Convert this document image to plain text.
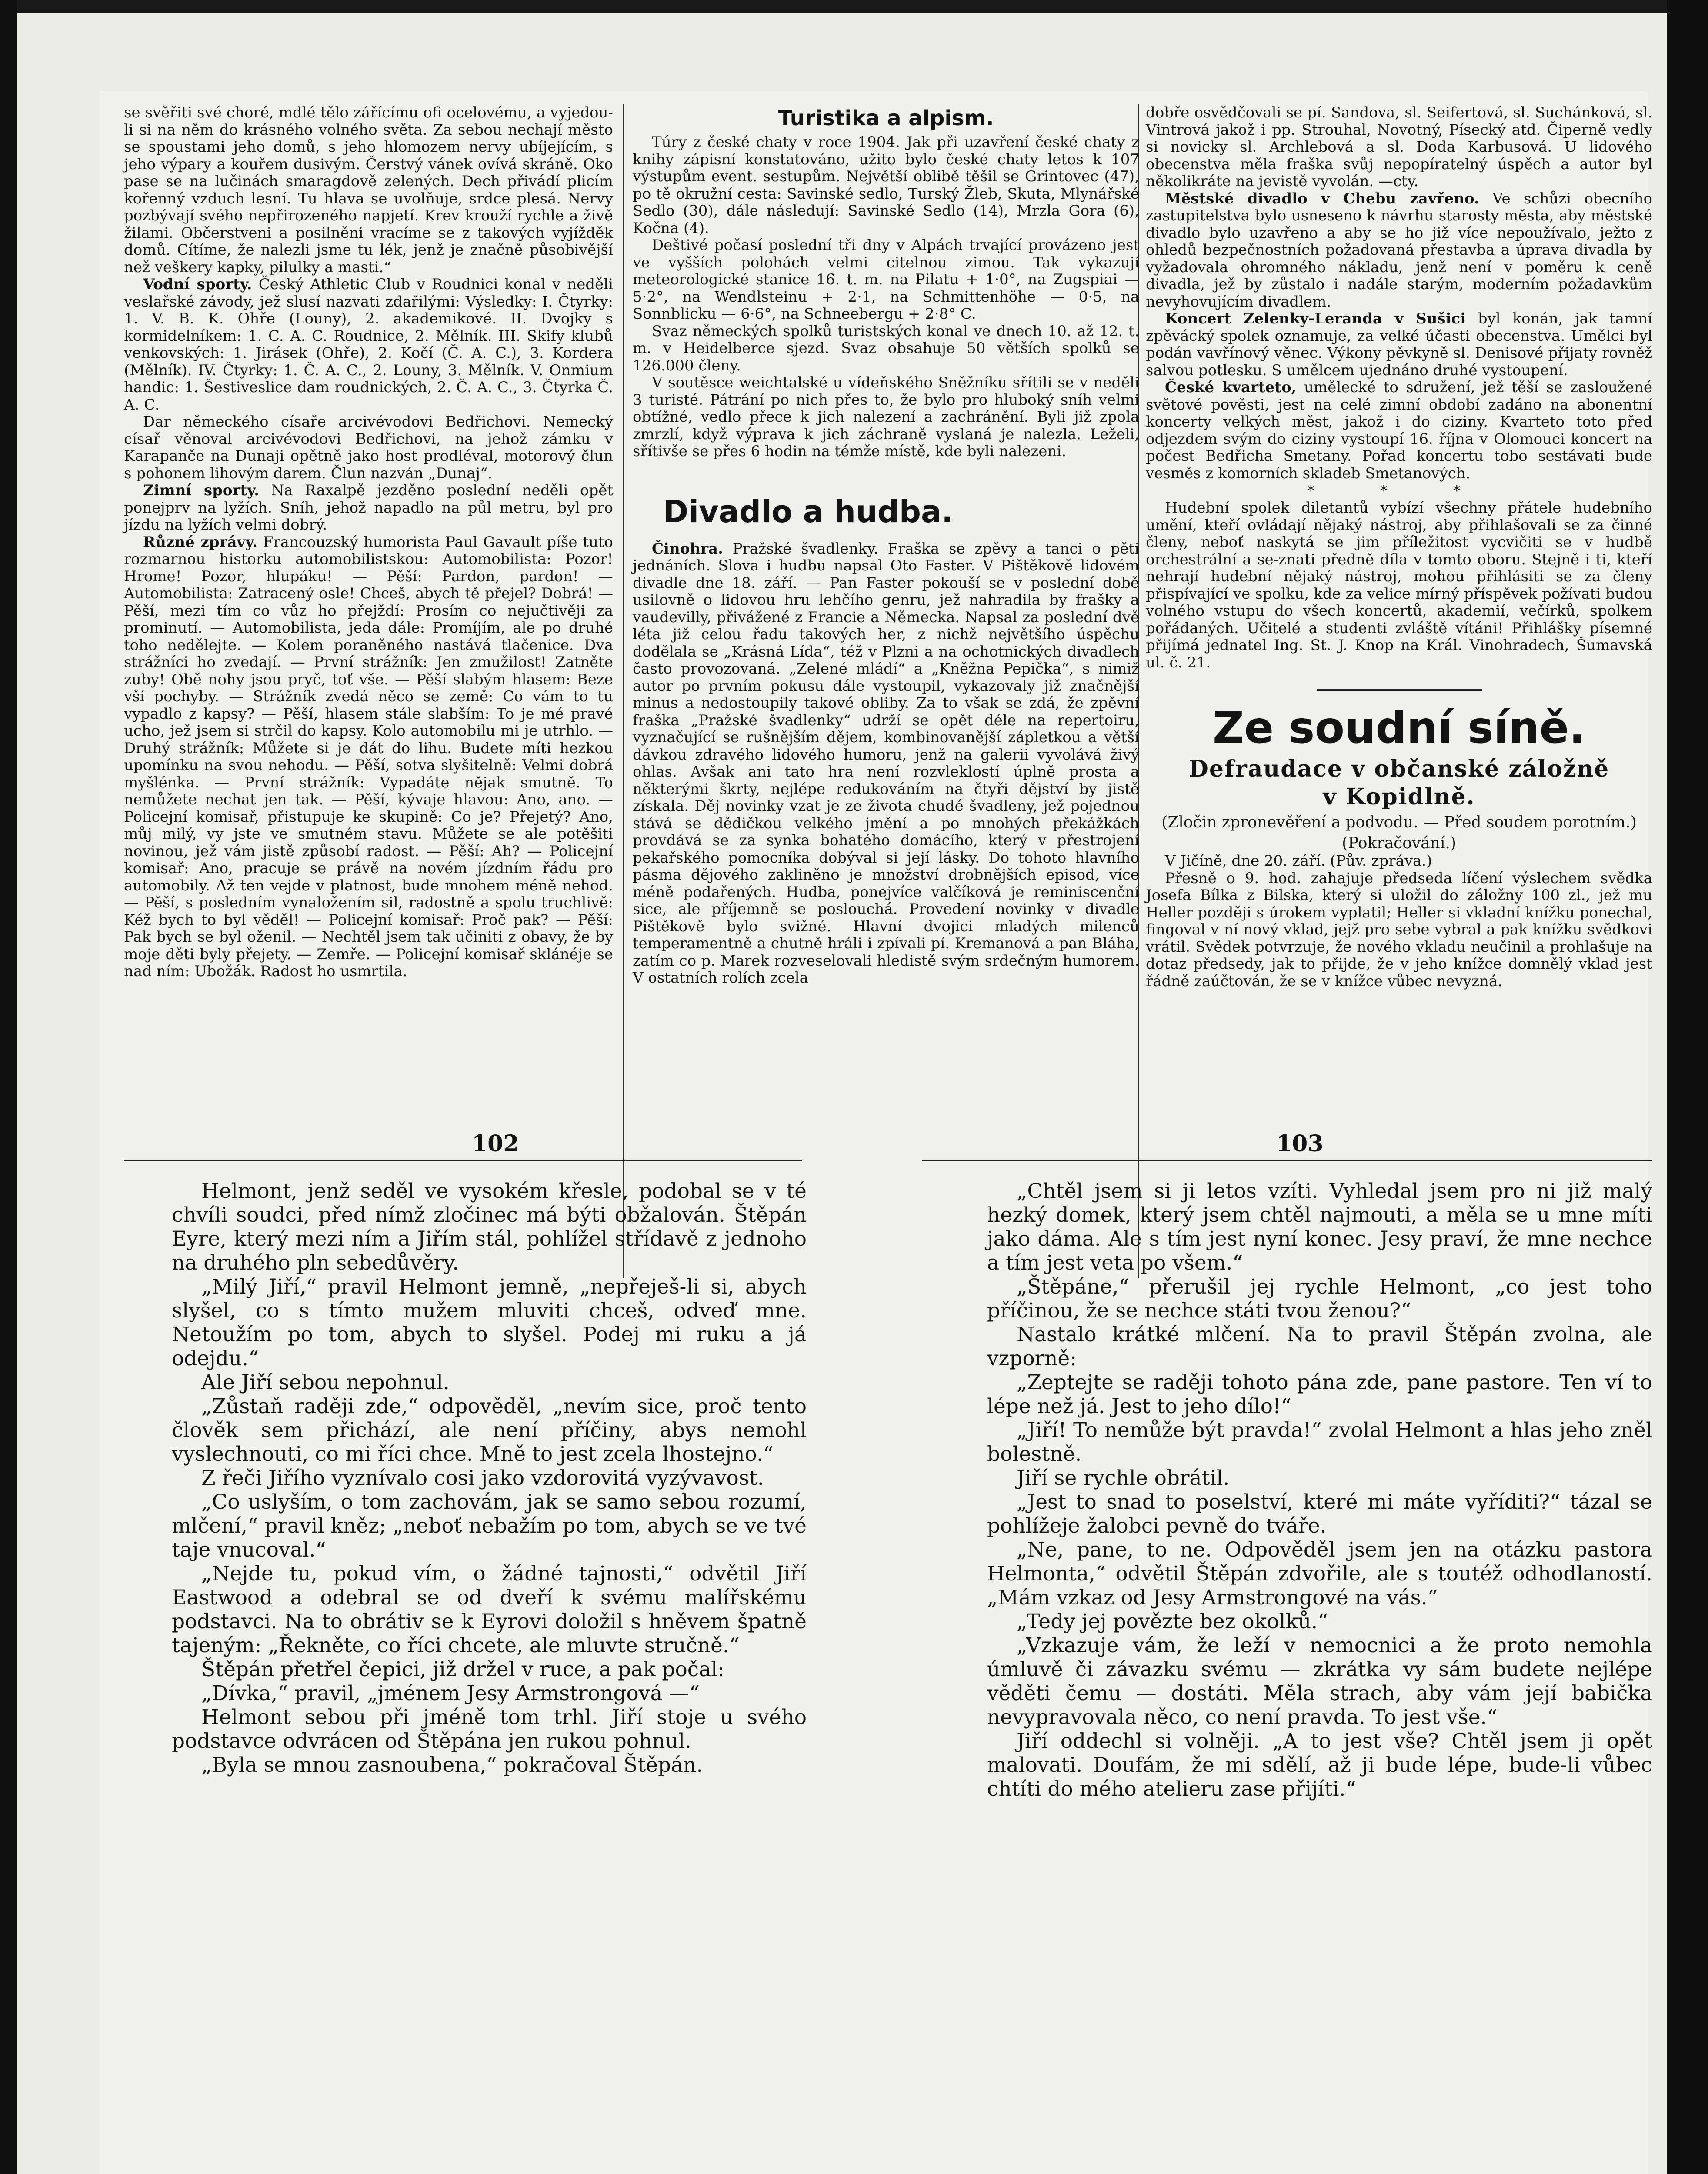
se svěřiti své choré, mdlé tělo zářícímu ofi ocelovému, a vyjedou-li si na něm do krásného volného světa. Za sebou nechají město se spoustami jeho domů, s jeho hlomozem nervy ubíjejícím, s jeho výpary a kouřem dusivým. Čerstvý vánek ovívá skráně. Oko pase se na lučinách smaragdově zelených. Dech přivádí plicím kořenný vzduch lesní. Tu hlava se uvolňuje, srdce plesá. Nervy pozbývají svého nepřirozeného napjetí. Krev krouží rychle a živě žilami. Občerstveni a posilněni vracíme se z takových vyjížděk domů. Cítíme, že nalezli jsme tu lék, jenž je značně působivější než veškery kapky, pilulky a masti.“

Vodní sporty. Český Athletic Club v Roudnici konal v neděli veslařské závody, jež slusí nazvati zdařilými: Výsledky: I. Čtyrky: 1. V. B. K. Ohře (Louny), 2. akademikové. II. Dvojky s kormidelníkem: 1. C. A. C. Roudnice, 2. Mělník. III. Skify klubů venkovských: 1. Jirásek (Ohře), 2. Kočí (Č. A. C.), 3. Kordera (Mělník). IV. Čtyrky: 1. Č. A. C., 2. Louny, 3. Mělník. V. Onmium handic: 1. Šestiveslice dam roudnických, 2. Č. A. C., 3. Čtyrka Č. A. C.

Dar německého císaře arcivévodovi Bedřichovi. Nemecký císař věnoval arcivévodovi Bedřichovi, na jehož zámku v Karapanče na Dunaji opětně jako host prodléval, motorový člun s pohonem lihovým darem. Člun nazván „Dunaj“.

Zimní sporty. Na Raxalpě jezděno poslední neděli opět ponejprv na lyžích. Sníh, jehož napadlo na půl metru, byl pro jízdu na lyžích velmi dobrý.

Různé zprávy. Francouzský humorista Paul Gavault píše tuto rozmarnou historku automobilistskou: Automobilista: Pozor! Hrome! Pozor, hlupáku! — Pěší: Pardon, pardon! — Automobilista: Zatracený osle! Chceš, abych tě přejel? Dobrá! — Pěší, mezi tím co vůz ho přejždí: Prosím co nejučtivěji za prominutí. — Automobilista, jeda dále: Promíjím, ale po druhé toho nedělejte. — Kolem poraněného nastává tlačenice. Dva strážníci ho zvedají. — První strážník: Jen zmužilost! Zatněte zuby! Obě nohy jsou pryč, toť vše. — Pěší slabým hlasem: Beze vší pochyby. — Strážník zvedá něco se země: Co vám to tu vypadlo z kapsy? — Pěší, hlasem stále slabším: To je mé pravé ucho, jež jsem si strčil do kapsy. Kolo automobilu mi je utrhlo. — Druhý strážník: Můžete si je dát do lihu. Budete míti hezkou upomínku na svou nehodu. — Pěší, sotva slyšitelně: Velmi dobrá myšlénka. — První strážník: Vypadáte nějak smutně. To nemůžete nechat jen tak. — Pěší, kývaje hlavou: Ano, ano. — Policejní komisař, přistupuje ke skupině: Co je? Přejetý? Ano, můj milý, vy jste ve smutném stavu. Můžete se ale potěšiti novinou, jež vám jistě způsobí radost. — Pěší: Ah? — Policejní komisař: Ano, pracuje se právě na novém jízdním řádu pro automobily. Až ten vejde v platnost, bude mnohem méně nehod. — Pěší, s posledním vynaložením sil, radostně a spolu truchlivě: Kéž bych to byl věděl! — Policejní komisař: Proč pak? — Pěší: Pak bych se byl oženil. — Nechtěl jsem tak učiniti z obavy, že by moje děti byly přejety. — Zemře. — Policejní komisař sklánéje se nad ním: Ubožák. Radost ho usmrtila.

Turistika a alpism.

Túry z české chaty v roce 1904. Jak při uzavření české chaty z knihy zápisní konstatováno, užito bylo české chaty letos k 107 výstupům event. sestupům. Největší oblibě těšil se Grintovec (47), po tě okružní cesta: Savinské sedlo, Turský Žleb, Skuta, Mlynářské Sedlo (30), dále následují: Savinské Sedlo (14), Mrzla Gora (6), Kočna (4).

Deštivé počasí poslední tři dny v Alpách trvající provázeno jest ve vyšších polohách velmi citelnou zimou. Tak vykazují meteorologické stanice 16. t. m. na Pilatu + 1·0°, na Zugspiai — 5·2°, na Wendlsteinu + 2·1, na Schmittenhöhe — 0·5, na Sonnblicku — 6·6°, na Schneebergu + 2·8° C.

Svaz německých spolků turistských konal ve dnech 10. až 12. t. m. v Heidelberce sjezd. Svaz obsahuje 50 větších spolků se 126.000 členy.

V soutěsce weichtalské u vídeňského Sněžníku sřítili se v neděli 3 turisté. Pátrání po nich přes to, že bylo pro hluboký sníh velmi obtížné, vedlo přece k jich nalezení a zachránění. Byli již zpola zmrzlí, když výprava k jich záchraně vyslaná je nalezla. Leželi, sřítivše se přes 6 hodin na témže místě, kde byli nalezeni.

Divadlo a hudba.

Činohra. Pražské švadlenky. Fraška se zpěvy a tanci o pěti jednáních. Slova i hudbu napsal Oto Faster. V Pištěkově lidovém divadle dne 18. září. — Pan Faster pokouší se v poslední době usilovně o lidovou hru lehčího genru, jež nahradila by frašky a vaudevilly, přivážené z Francie a Německa. Napsal za poslední dvě léta již celou řadu takových her, z nichž největšího úspěchu dodělala se „Krásná Lída“, též v Plzni a na ochotnických divadlech často provozovaná. „Zelené mládí“ a „Kněžna Pepička“, s nimiž autor po prvním pokusu dále vystoupil, vykazovaly již značnější minus a nedostoupily takové obliby. Za to však se zdá, že zpěvní fraška „Pražské švadlenky“ udrží se opět déle na repertoiru, vyznačující se rušnějším dějem, kombinovanější zápletkou a větší dávkou zdravého lidového humoru, jenž na galerii vyvolává živý ohlas. Avšak ani tato hra není rozvleklostí úplně prosta a některými škrty, nejlépe redukováním na čtyři dějství by jistě získala. Děj novinky vzat je ze života chudé švadleny, jež pojednou stává se dědičkou velkého jmění a po mnohých překážkách provdává se za synka bohatého domácího, který v přestrojení pekařského pomocníka dobýval si její lásky. Do tohoto hlavního pásma dějového zakliněno je množství drobnějších episod, více méně podařených. Hudba, ponejvíce valčíková je reminiscenční sice, ale příjemně se poslouchá. Provedení novinky v divadle Pištěkově bylo svižné. Hlavní dvojici mladých milenců temperamentně a chutně hráli i zpívali pí. Kremanová a pan Bláha, zatím co p. Marek rozveselovali hledistě svým srdečným humorem. V ostatních rolích zcela

dobře osvědčovali se pí. Sandova, sl. Seifertová, sl. Suchánková, sl. Vintrová jakož i pp. Strouhal, Novotný, Písecký atd. Čiperně vedly si novicky sl. Archlebová a sl. Doda Karbusová. U lidového obecenstva měla fraška svůj nepopíratelný úspěch a autor byl několikráte na jevistě vyvolán. —cty.

Městské divadlo v Chebu zavřeno. Ve schůzi obecního zastupitelstva bylo usneseno k návrhu starosty města, aby městské divadlo bylo uzavřeno a aby se ho již více nepoužívalo, ježto z ohledů bezpečnostních požadovaná přestavba a úprava divadla by vyžadovala ohromného nákladu, jenž není v poměru k ceně divadla, jež by zůstalo i nadále starým, moderním požadavkům nevyhovujícím divadlem.

Koncert Zelenky-Leranda v Sušici byl konán, jak tamní zpěvácký spolek oznamuje, za velké účasti obecenstva. Umělci byl podán vavřínový věnec. Výkony pěvkyně sl. Denisové přijaty rovněž salvou potlesku. S umělcem ujednáno druhé vystoupení.

České kvarteto, umělecké to sdružení, jež těší se zasloužené světové pověsti, jest na celé zimní období zadáno na abonentní koncerty velkých měst, jakož i do ciziny. Kvarteto toto před odjezdem svým do ciziny vystoupí 16. října v Olomouci koncert na počest Bedřicha Smetany. Pořad koncertu tobo sestávati bude vesměs z komorních skladeb Smetanových.

* * *

Hudební spolek diletantů vybízí všechny přátele hudebního umění, kteří ovládají nějaký nástroj, aby přihlašovali se za činné členy, neboť naskytá se jim příležitost vycvičiti se v hudbě orchestrální a se-znati předně díla v tomto oboru. Stejně i ti, kteří nehrají hudební nějaký nástroj, mohou přihlásiti se za členy přispívající ve spolku, kde za velice mírný příspěvek požívati budou volného vstupu do všech koncertů, akademií, večírků, spolkem pořádaných. Učitelé a studenti zvláště vítáni! Přihlášky písemné přijímá jednatel Ing. St. J. Knop na Král. Vinohradech, Šumavská ul. č. 21.

Ze soudní síně.
Defraudace v občanské záložně
v Kopidlně.
(Zločin zpronevěření a podvodu. — Před soudem porotním.)
(Pokračování.)

V Jičíně, dne 20. září. (Pův. zpráva.)

Přesně o 9. hod. zahajuje předseda líčení výslechem svědka Josefa Bílka z Bilska, který si uložil do záložny 100 zl., jež mu Heller později s úrokem vyplatil; Heller si vkladní knížku ponechal, fingoval v ní nový vklad, jejž pro sebe vybral a pak knížku svědkovi vrátil. Svědek potvrzuje, že nového vkladu neučinil a prohlašuje na dotaz předsedy, jak to přijde, že v jeho knížce domnělý vklad jest řádně zaúčtován, že se v knížce vůbec nevyzná.

102	103

Helmont, jenž seděl ve vysokém křesle, podobal se v té chvíli soudci, před nímž zločinec má býti obžalován. Štěpán Eyre, který mezi ním a Jiřím stál, pohlížel střídavě z jednoho na druhého pln sebedůvěry.

„Milý Jiří,“ pravil Helmont jemně, „nepřeješ-li si, abych slyšel, co s tímto mužem mluviti chceš, odveď mne. Netoužím po tom, abych to slyšel. Podej mi ruku a já odejdu.“

Ale Jiří sebou nepohnul.

„Zůstaň raději zde,“ odpověděl, „nevím sice, proč tento člověk sem přichází, ale není příčiny, abys nemohl vyslechnouti, co mi říci chce. Mně to jest zcela lhostejno.“

Z řeči Jiřího vyznívalo cosi jako vzdorovitá vyzývavost.

„Co uslyším, o tom zachovám, jak se samo sebou rozumí, mlčení,“ pravil kněz; „neboť nebažím po tom, abych se ve tvé taje vnucoval.“

„Nejde tu, pokud vím, o žádné tajnosti,“ odvětil Jiří Eastwood a odebral se od dveří k svému malířskému podstavci. Na to obrátiv se k Eyrovi doložil s hněvem špatně tajeným: „Řekněte, co říci chcete, ale mluvte stručně.“

Štěpán přetřel čepici, již držel v ruce, a pak počal:

„Dívka,“ pravil, „jménem Jesy Armstrongová —“

Helmont sebou při jméně tom trhl. Jiří stoje u svého podstavce odvrácen od Štěpána jen rukou pohnul.

„Byla se mnou zasnoubena,“ pokračoval Štěpán.

„Chtěl jsem si ji letos vzíti. Vyhledal jsem pro ni již malý hezký domek, který jsem chtěl najmouti, a měla se u mne míti jako dáma. Ale s tím jest nyní konec. Jesy praví, že mne nechce a tím jest veta po všem.“

„Štěpáne,“ přerušil jej rychle Helmont, „co jest toho příčinou, že se nechce státi tvou ženou?“

Nastalo krátké mlčení. Na to pravil Štěpán zvolna, ale vzporně:

„Zeptejte se raději tohoto pána zde, pane pastore. Ten ví to lépe než já. Jest to jeho dílo!“

„Jiří! To nemůže být pravda!“ zvolal Helmont a hlas jeho zněl bolestně.

Jiří se rychle obrátil.

„Jest to snad to poselství, které mi máte vyříditi?“ tázal se pohlížeje žalobci pevně do tváře.

„Ne, pane, to ne. Odpověděl jsem jen na otázku pastora Helmonta,“ odvětil Štěpán zdvořile, ale s toutéž odhodlaností. „Mám vzkaz od Jesy Armstrongové na vás.“

„Tedy jej povězte bez okolků.“

„Vzkazuje vám, že leží v nemocnici a že proto nemohla úmluvě či závazku svému — zkrátka vy sám budete nejlépe věděti čemu — dostáti. Měla strach, aby vám její babička nevypravovala něco, co není pravda. To jest vše.“

Jiří oddechl si volněji. „A to jest vše? Chtěl jsem ji opět malovati. Doufám, že mi sdělí, až ji bude lépe, bude-li vůbec chtíti do mého atelieru zase přijíti.“
